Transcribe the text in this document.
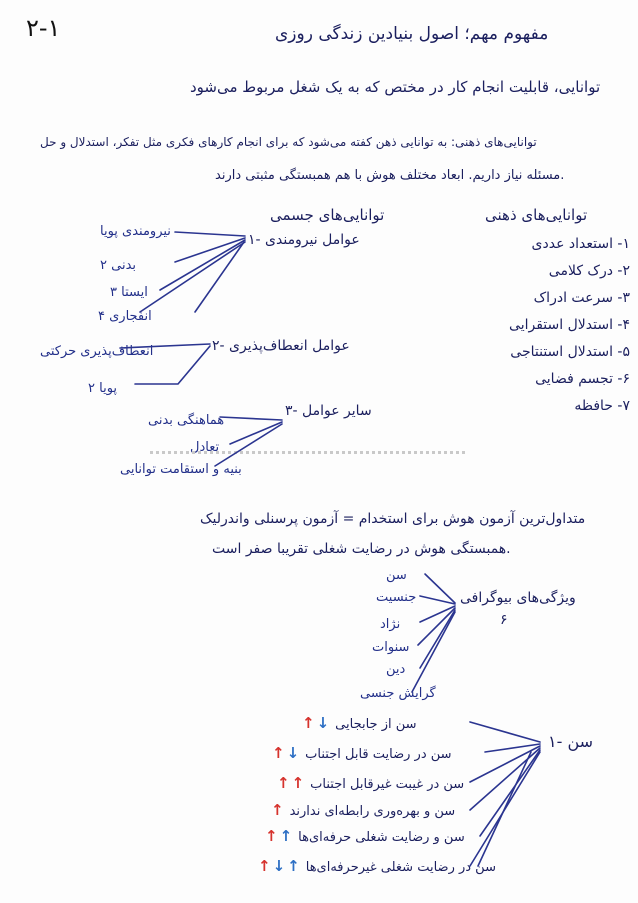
۲-۱	مفهوم مهم؛ اصول بنیادین زندگی روزی
توانایی، قابلیت انجام کار در مختص که به یک شغل مربوط می‌شود
توانایی‌های ذهنی: به توانایی ذهن کفته می‌شود که برای انجام کارهای فکری مثل تفکر، استدلال و حل
مسئله نیاز داریم. ابعاد مختلف هوش با هم همبستگی مثبتی دارند.
توانایی‌های ذهنی
۱- استعداد عددی
۲- درک کلامی
۳- سرعت ادراک
۴- استدلال استقرایی
۵- استدلال استنتاجی
۶- تجسم فضایی
۷- حافظه
توانایی‌های جسمی
۱- عوامل نیرومندی
نیرومندی پویا
۲ بدنی
۳ ایستا
۴ انفجاری
۲- عوامل انعطاف‌پذیری
انعطاف‌پذیری حرکتی
۲ پویا
۳- سایر عوامل
هماهنگی بدنی
تعادل
بنیه و استقامت توانایی
متداول‌ترین آزمون هوش برای استخدام = آزمون پرسنلی واندرلیک
همبستگی هوش در رضایت شغلی تقریبا صفر است.
ویژگی‌های بیوگرافی
۶
سن
جنسیت
نژاد
سنوات
دین
گرایش جنسی
۱- سن
↑ ↓ سن از جابجایی
↑ ↓ سن در رضایت قابل اجتناب
↑ ↑ سن در غیبت غیرقابل اجتناب
↑ سن و بهره‌وری رابطه‌ای ندارند
↑ ↑ سن و رضایت شغلی حرفه‌ای‌ها
↑ ↓ ↑ سن در رضایت شغلی غیرحرفه‌ای‌ها
